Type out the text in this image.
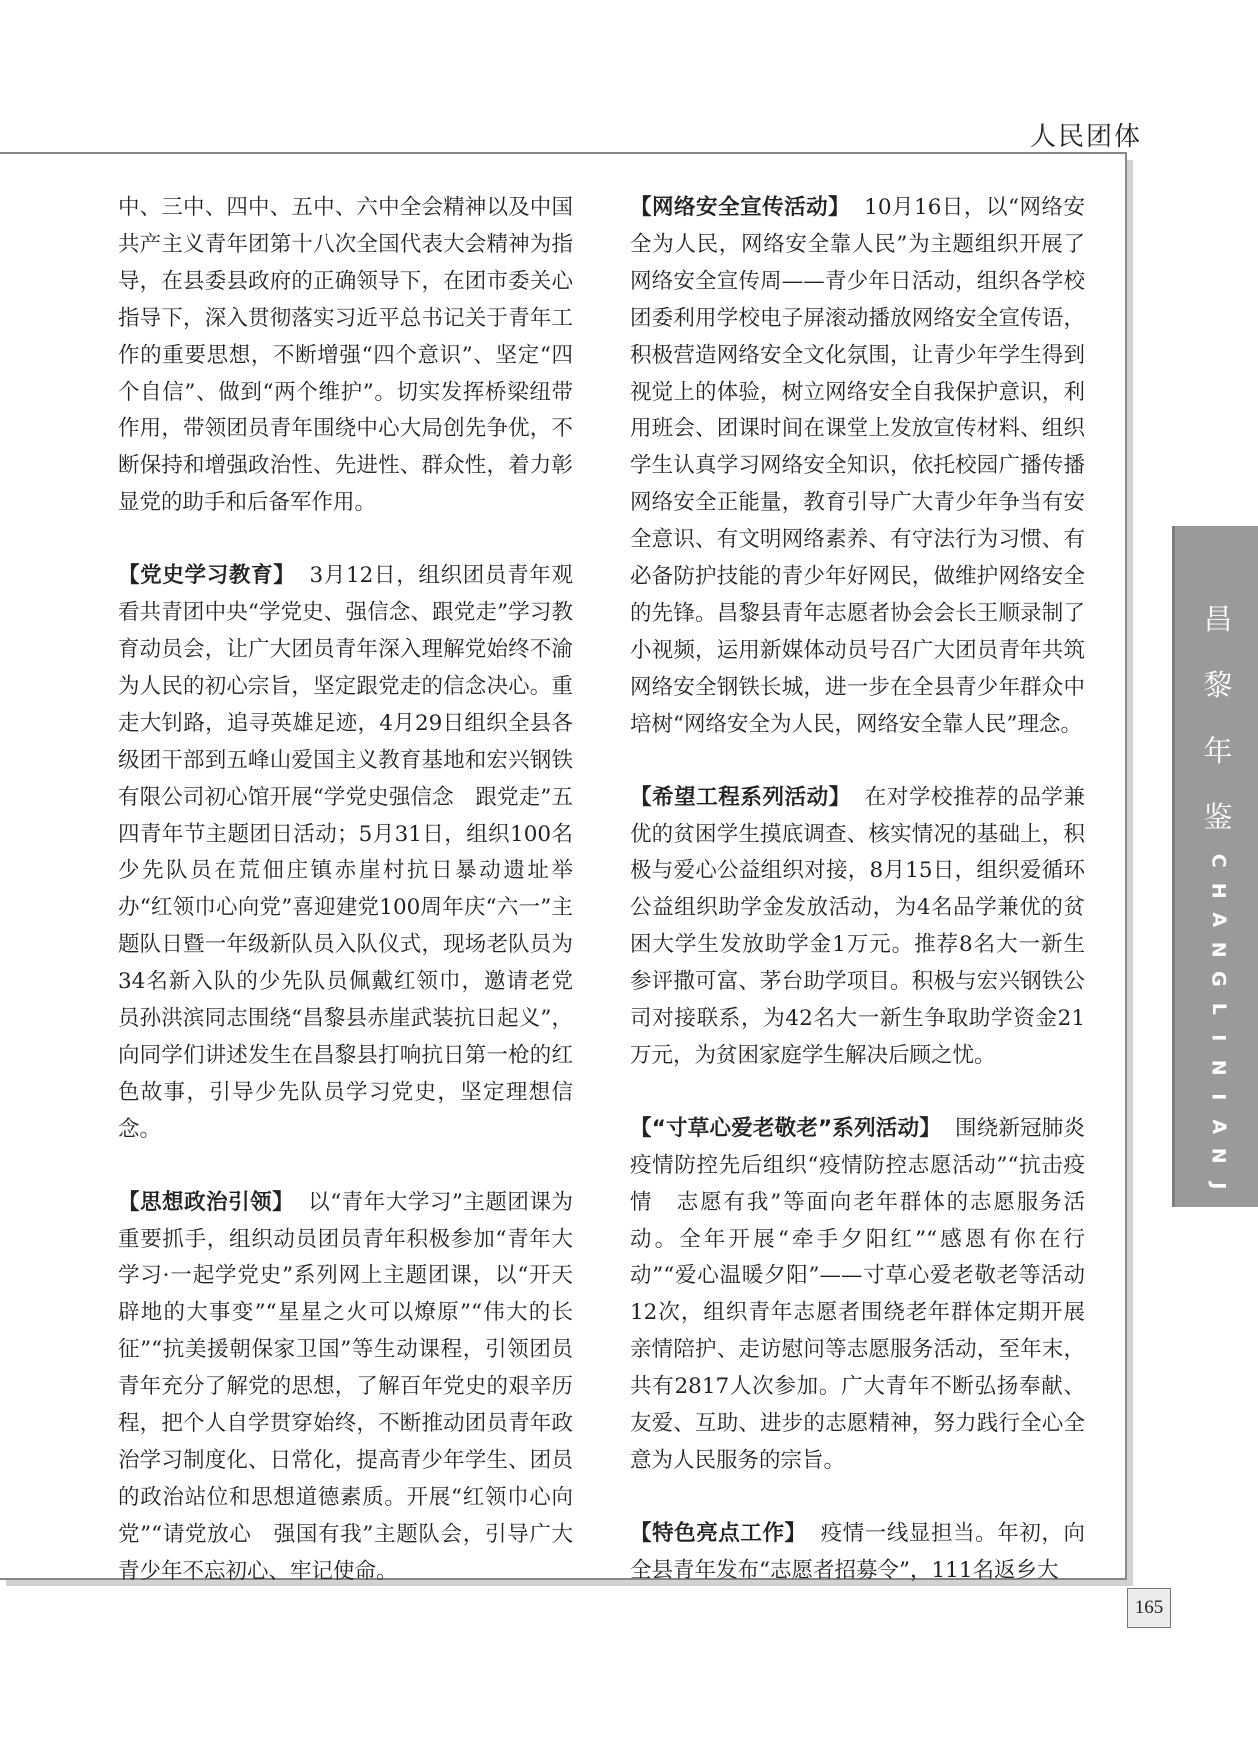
人民团体

中、三中、四中、五中、六中全会精神以及中国共产主义青年团第十八次全国代表大会精神为指导，在县委县政府的正确领导下，在团市委关心指导下，深入贯彻落实习近平总书记关于青年工作的重要思想，不断增强“四个意识”、坚定“四个自信”、做到“两个维护”。切实发挥桥梁纽带作用，带领团员青年围绕中心大局创先争优，不断保持和增强政治性、先进性、群众性，着力彰显党的助手和后备军作用。

【党史学习教育】 3月12日，组织团员青年观看共青团中央“学党史、强信念、跟党走”学习教育动员会，让广大团员青年深入理解党始终不渝为人民的初心宗旨，坚定跟党走的信念决心。重走大钊路，追寻英雄足迹，4月29日组织全县各级团干部到五峰山爱国主义教育基地和宏兴钢铁有限公司初心馆开展“学党史强信念　跟党走”五四青年节主题团日活动；5月31日，组织100名少先队员在荒佃庄镇赤崖村抗日暴动遗址举办“红领巾心向党”喜迎建党100周年庆“六一”主题队日暨一年级新队员入队仪式，现场老队员为34名新入队的少先队员佩戴红领巾，邀请老党员孙洪滨同志围绕“昌黎县赤崖武装抗日起义”，向同学们讲述发生在昌黎县打响抗日第一枪的红色故事，引导少先队员学习党史，坚定理想信念。

【思想政治引领】 以“青年大学习”主题团课为重要抓手，组织动员团员青年积极参加“青年大学习·一起学党史”系列网上主题团课，以“开天辟地的大事变”“星星之火可以燎原”“伟大的长征”“抗美援朝保家卫国”等生动课程，引领团员青年充分了解党的思想，了解百年党史的艰辛历程，把个人自学贯穿始终，不断推动团员青年政治学习制度化、日常化，提高青少年学生、团员的政治站位和思想道德素质。开展“红领巾心向党”“请党放心　强国有我”主题队会，引导广大青少年不忘初心、牢记使命。

【网络安全宣传活动】 10月16日，以“网络安全为人民，网络安全靠人民”为主题组织开展了网络安全宣传周——青少年日活动，组织各学校团委利用学校电子屏滚动播放网络安全宣传语，积极营造网络安全文化氛围，让青少年学生得到视觉上的体验，树立网络安全自我保护意识，利用班会、团课时间在课堂上发放宣传材料、组织学生认真学习网络安全知识，依托校园广播传播网络安全正能量，教育引导广大青少年争当有安全意识、有文明网络素养、有守法行为习惯、有必备防护技能的青少年好网民，做维护网络安全的先锋。昌黎县青年志愿者协会会长王顺录制了小视频，运用新媒体动员号召广大团员青年共筑网络安全钢铁长城，进一步在全县青少年群众中培树“网络安全为人民，网络安全靠人民”理念。

【希望工程系列活动】 在对学校推荐的品学兼优的贫困学生摸底调查、核实情况的基础上，积极与爱心公益组织对接，8月15日，组织爱循环公益组织助学金发放活动，为4名品学兼优的贫困大学生发放助学金1万元。推荐8名大一新生参评撒可富、茅台助学项目。积极与宏兴钢铁公司对接联系，为42名大一新生争取助学资金21万元，为贫困家庭学生解决后顾之忧。

【“寸草心爱老敬老”系列活动】 围绕新冠肺炎疫情防控先后组织“疫情防控志愿活动”“抗击疫情　志愿有我”等面向老年群体的志愿服务活动。全年开展“牵手夕阳红”“感恩有你在行动”“爱心温暖夕阳”——寸草心爱老敬老等活动12次，组织青年志愿者围绕老年群体定期开展亲情陪护、走访慰问等志愿服务活动，至年末，共有2817人次参加。广大青年不断弘扬奉献、友爱、互助、进步的志愿精神，努力践行全心全意为人民服务的宗旨。

【特色亮点工作】 疫情一线显担当。年初，向全县青年发布“志愿者招募令”，111名返乡大

昌
黎
年
鉴
C
H
A
N
G
L
I
N
I
A
N
J
I
A
N
165
